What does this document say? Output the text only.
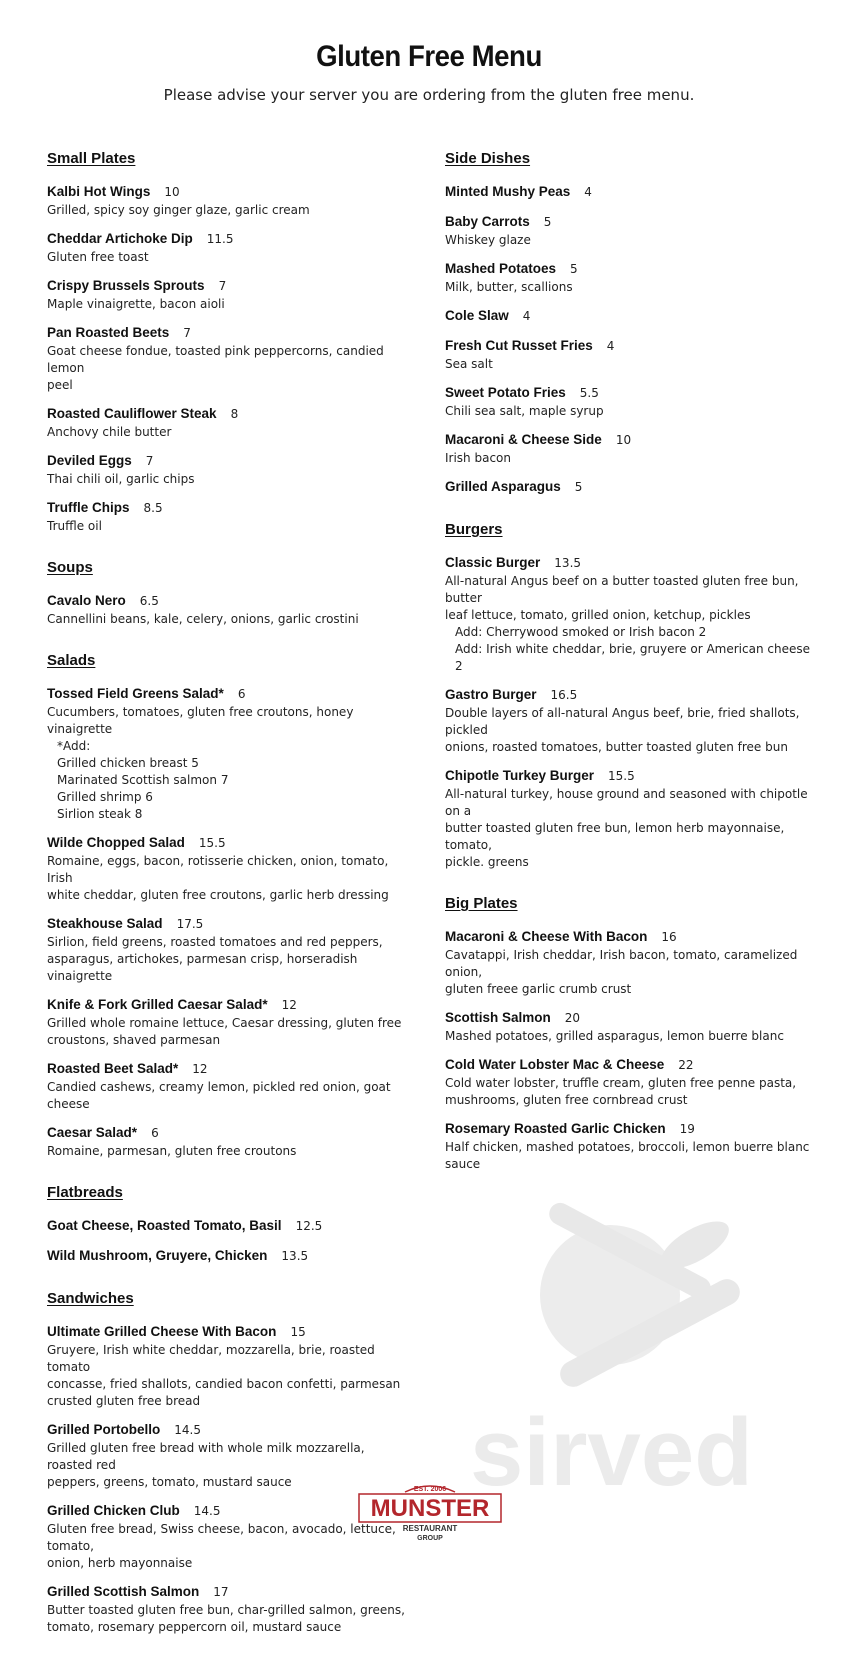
Gluten Free Menu
Please advise your server you are ordering from the gluten free menu.
Small Plates
Kalbi Hot Wings 10
Grilled, spicy soy ginger glaze, garlic cream
Cheddar Artichoke Dip 11.5
Gluten free toast
Crispy Brussels Sprouts 7
Maple vinaigrette, bacon aioli
Pan Roasted Beets 7
Goat cheese fondue, toasted pink peppercorns, candied lemon
peel
Roasted Cauliflower Steak 8
Anchovy chile butter
Deviled Eggs 7
Thai chili oil, garlic chips
Truffle Chips 8.5
Truffle oil
Soups
Cavalo Nero 6.5
Cannellini beans, kale, celery, onions, garlic crostini
Salads
Tossed Field Greens Salad* 6
Cucumbers, tomatoes, gluten free croutons, honey vinaigrette
*Add:
Grilled chicken breast 5
Marinated Scottish salmon 7
Grilled shrimp 6
Sirlion steak 8
Wilde Chopped Salad 15.5
Romaine, eggs, bacon, rotisserie chicken, onion, tomato, Irish
white cheddar, gluten free croutons, garlic herb dressing
Steakhouse Salad 17.5
Sirlion, field greens, roasted tomatoes and red peppers,
asparagus, artichokes, parmesan crisp, horseradish vinaigrette
Knife & Fork Grilled Caesar Salad* 12
Grilled whole romaine lettuce, Caesar dressing, gluten free
croustons, shaved parmesan
Roasted Beet Salad* 12
Candied cashews, creamy lemon, pickled red onion, goat cheese
Caesar Salad* 6
Romaine, parmesan, gluten free croutons
Flatbreads
Goat Cheese, Roasted Tomato, Basil 12.5
Wild Mushroom, Gruyere, Chicken 13.5
Sandwiches
Ultimate Grilled Cheese With Bacon 15
Gruyere, Irish white cheddar, mozzarella, brie, roasted tomato
concasse, fried shallots, candied bacon confetti, parmesan
crusted gluten free bread
Grilled Portobello 14.5
Grilled gluten free bread with whole milk mozzarella, roasted red
peppers, greens, tomato, mustard sauce
Grilled Chicken Club 14.5
Gluten free bread, Swiss cheese, bacon, avocado, lettuce, tomato,
onion, herb mayonnaise
Grilled Scottish Salmon 17
Butter toasted gluten free bun, char-grilled salmon, greens,
tomato, rosemary peppercorn oil, mustard sauce
Side Dishes
Minted Mushy Peas 4
Baby Carrots 5
Whiskey glaze
Mashed Potatoes 5
Milk, butter, scallions
Cole Slaw 4
Fresh Cut Russet Fries 4
Sea salt
Sweet Potato Fries 5.5
Chili sea salt, maple syrup
Macaroni & Cheese Side 10
Irish bacon
Grilled Asparagus 5
Burgers
Classic Burger 13.5
All-natural Angus beef on a butter toasted gluten free bun, butter
leaf lettuce, tomato, grilled onion, ketchup, pickles
Add: Cherrywood smoked or Irish bacon 2
Add: Irish white cheddar, brie, gruyere or American cheese 2
Gastro Burger 16.5
Double layers of all-natural Angus beef, brie, fried shallots, pickled
onions, roasted tomatoes, butter toasted gluten free bun
Chipotle Turkey Burger 15.5
All-natural turkey, house ground and seasoned with chipotle on a
butter toasted gluten free bun, lemon herb mayonnaise, tomato,
pickle. greens
Big Plates
Macaroni & Cheese With Bacon 16
Cavatappi, Irish cheddar, Irish bacon, tomato, caramelized onion,
gluten freee garlic crumb crust
Scottish Salmon 20
Mashed potatoes, grilled asparagus, lemon buerre blanc
Cold Water Lobster Mac & Cheese 22
Cold water lobster, truffle cream, gluten free penne pasta,
mushrooms, gluten free cornbread crust
Rosemary Roasted Garlic Chicken 19
Half chicken, mashed potatoes, broccoli, lemon buerre blanc
sauce
sirved
EST. 2006
MUNSTER
RESTAURANT
GROUP
